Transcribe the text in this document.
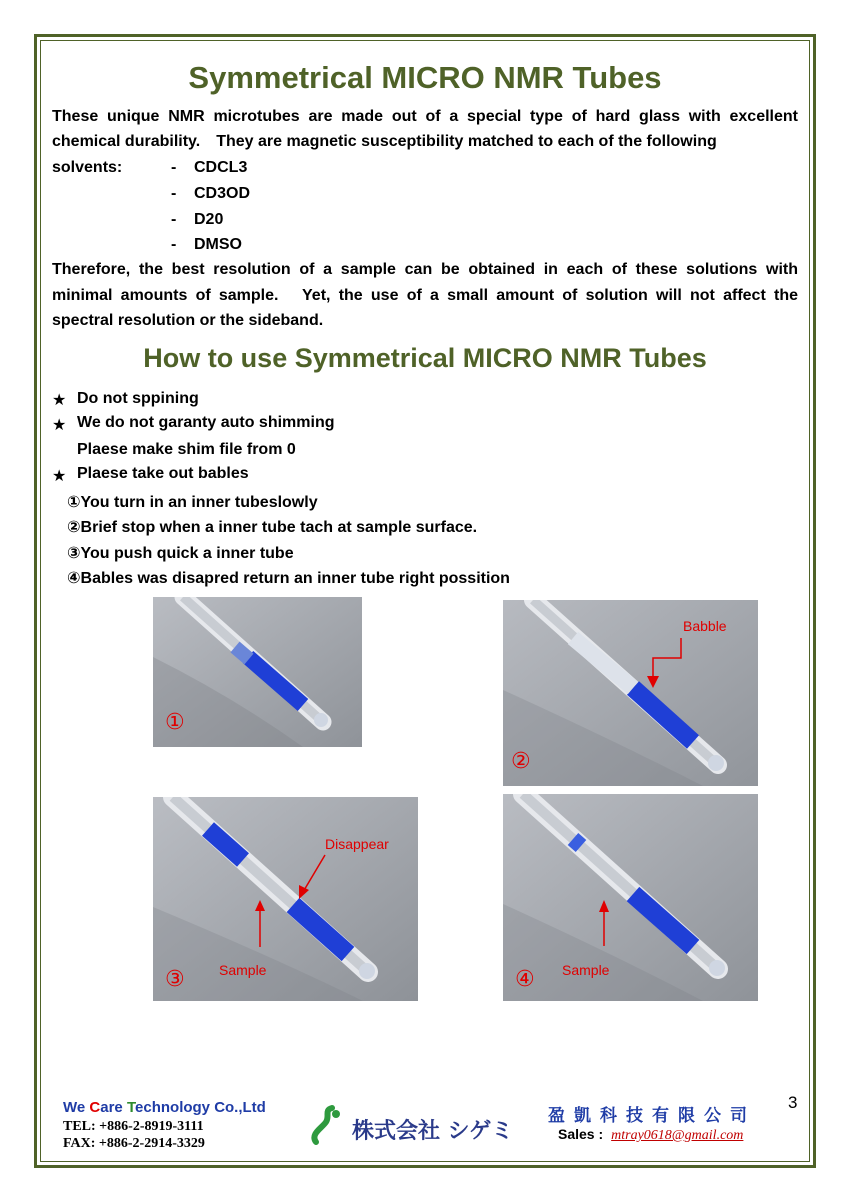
Symmetrical MICRO NMR Tubes
These unique NMR microtubes are made out of a special type of hard glass with excellent
chemical durability.　They are magnetic susceptibility matched to each of the following
solvents:	- CDCL3
- CD3OD
- D20
- DMSO
Therefore, the best resolution of a sample can be obtained in each of these solutions with
minimal amounts of sample.　Yet, the use of a small amount of solution will not affect the
spectral resolution or the sideband.
How to use Symmetrical MICRO NMR Tubes
★ Do not sppining
★ We do not garanty auto shimming
Plaese make shim file from 0
★ Plaese take out bables
①You turn in an inner tubeslowly
②Brief stop when a inner tube tach at sample surface.
③You push quick a inner tube
④Bables was disapred return an inner tube right possition
①
Babble
②
Disappear
Sample
③	Sample
④
We Care Technology Co.,Ltd
TEL: +886-2-8919-3111
FAX: +886-2-2914-3329	株式会社 シゲミ
盈凱科技有限公司
3
Sales : mtray0618@gmail.com
